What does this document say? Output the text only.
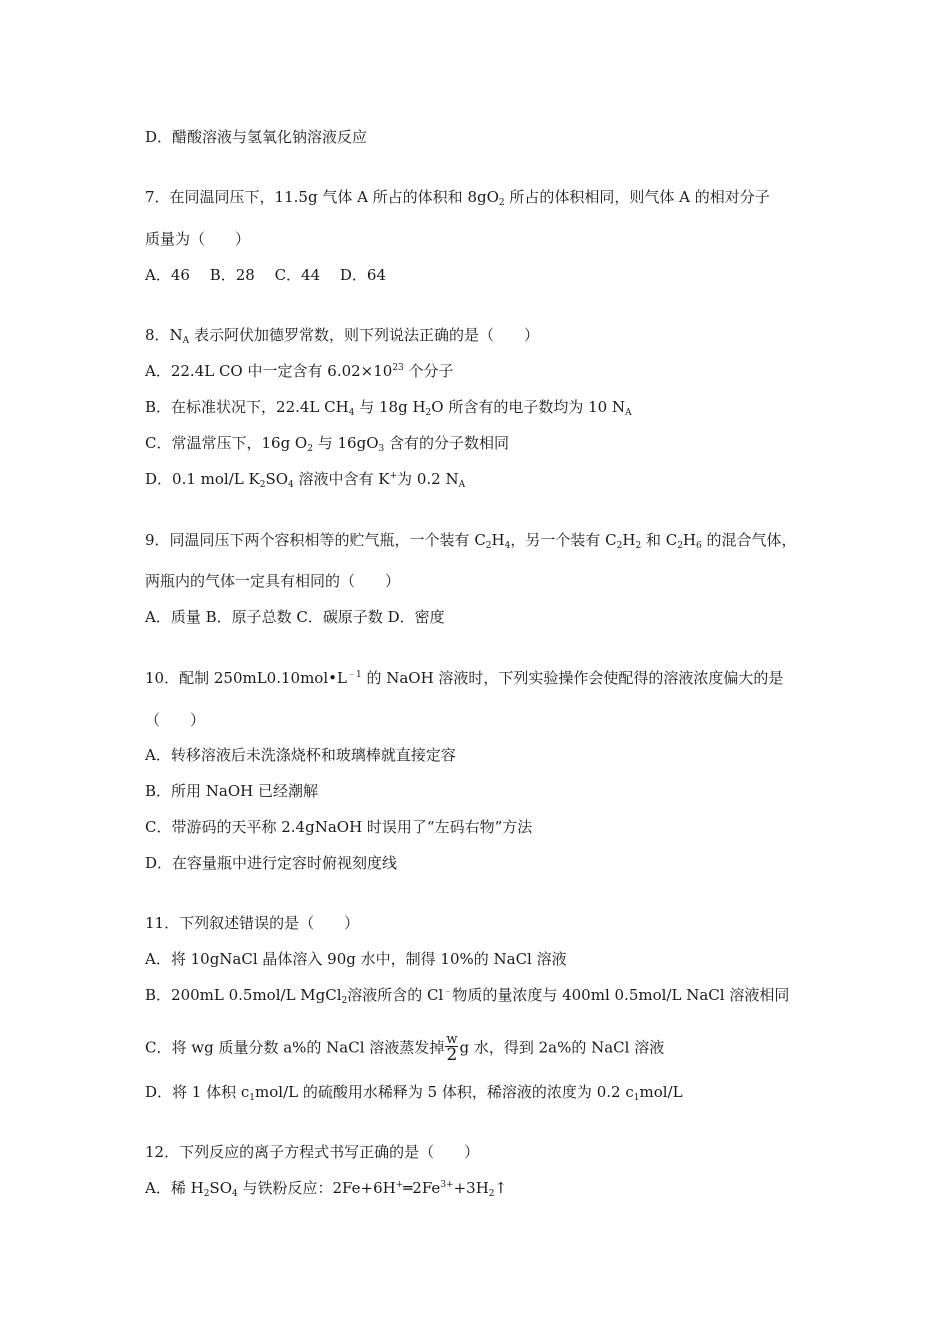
D．醋酸溶液与氢氧化钠溶液反应
7．在同温同压下，11.5g 气体 A 所占的体积和 $8gO_2$ 所占的体积相同，则气体 A 的相对分子
质量为（　　）
A．46　 B．28　 C．44　 D．64
8．$N_A$ 表示阿伏加德罗常数，则下列说法正确的是（　　）
A．22.4L CO 中一定含有 $6.02\times 10^{23}$ 个分子
B．在标准状况下，22.4L $CH_4$ 与 18g $H_2O$ 所含有的电子数均为 10 $N_A$
C．常温常压下，16g $O_2$ 与 $16gO_3$ 含有的分子数相同
D．0.1 mol/L $K_2SO_4$ 溶液中含有 K+为 0.2 $N_A$
9．同温同压下两个容积相等的贮气瓶，一个装有 $C_2H_4$，另一个装有 $C_2H_2$ 和 $C_2H_6$ 的混合气体，
两瓶内的气体一定具有相同的（　　）
A．质量 B．原子总数 C．碳原子数 D．密度
10．配制 $250mL0.10mol•L^{﹣1}$ 的 NaOH 溶液时，下列实验操作会使配得的溶液浓度偏大的是
（　　）
A．转移溶液后未洗涤烧杯和玻璃棒就直接定容
B．所用 NaOH 已经潮解
C．带游码的天平称 2.4gNaOH 时误用了“左码右物”方法
D．在容量瓶中进行定容时俯视刻度线
11．下列叙述错误的是（　　）
A．将 10gNaCl 晶体溶入 90g 水中，制得 10%的 NaCl 溶液
B．200mL 0.5mol/L MgCl$_2$溶液所含的 Cl﹣物质的量浓度与 400ml 0.5mol/L NaCl 溶液相同
C．将 wg 质量分数 a%的 NaCl 溶液蒸发掉 $\frac{w}{2}$ g 水，得到 2a%的 NaCl 溶液
D．将 1 体积 $c_1mol/L$ 的硫酸用水稀释为 5 体积，稀溶液的浓度为 0.2 $c_1mol/L$
12．下列反应的离子方程式书写正确的是（　　）
A．稀 $H_2SO_4$ 与铁粉反应：$2Fe+6H^+═2Fe^{3+}+3H_2↑$
